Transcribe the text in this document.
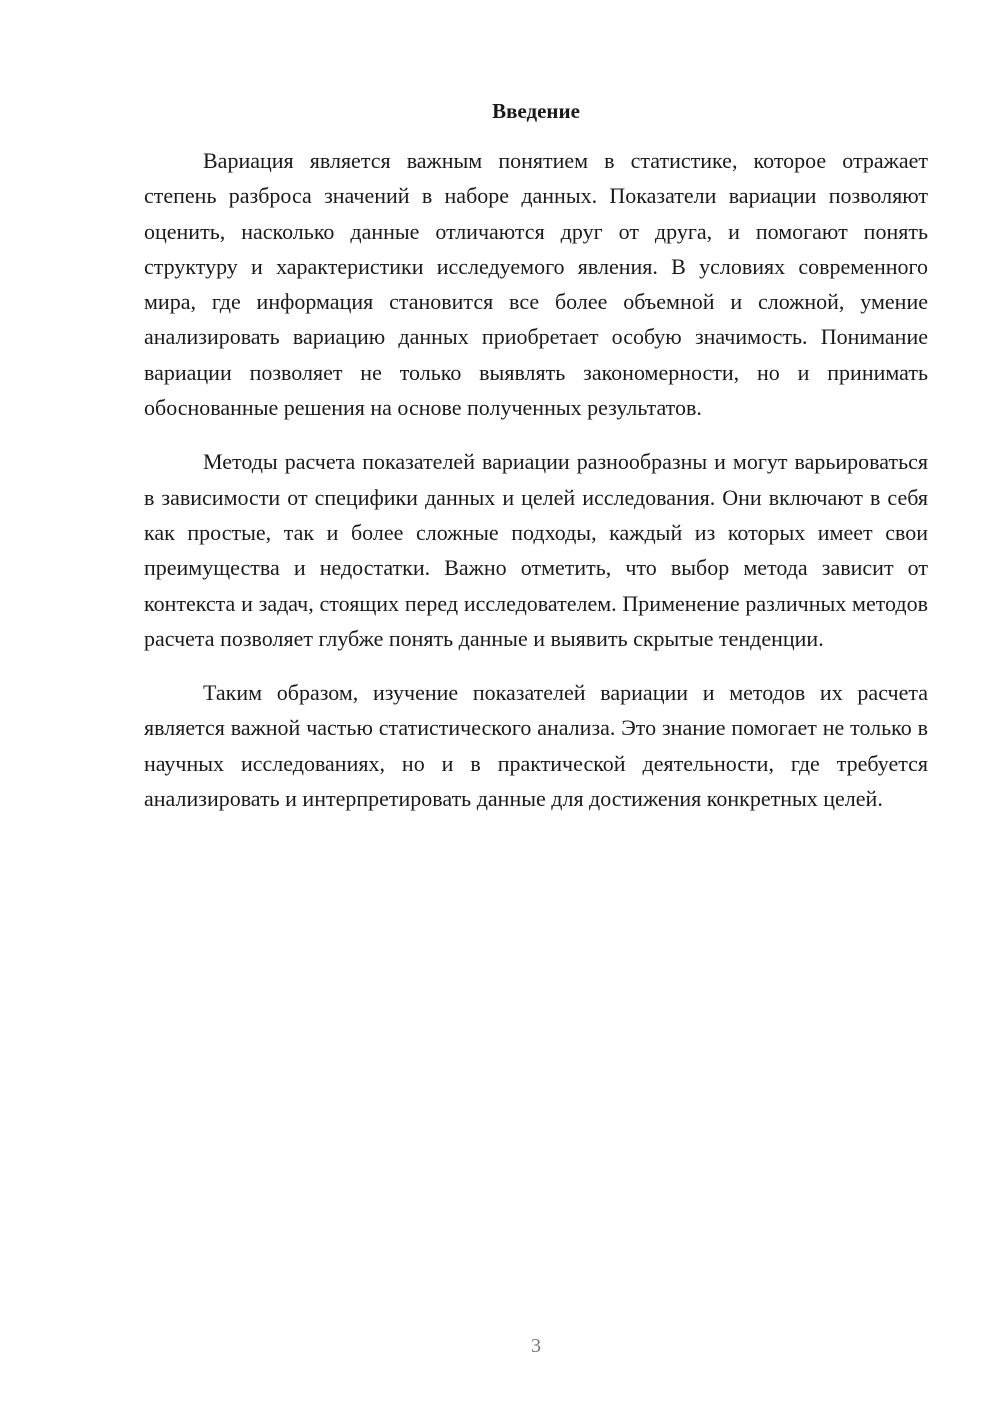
Введение

Вариация является важным понятием в статистике, которое отражает степень разброса значений в наборе данных. Показатели вариации позволяют оценить, насколько данные отличаются друг от друга, и помогают понять структуру и характеристики исследуемого явления. В условиях современного мира, где информация становится все более объемной и сложной, умение анализировать вариацию данных приобретает особую значимость. Понимание вариации позволяет не только выявлять закономерности, но и принимать обоснованные решения на основе полученных результатов.

Методы расчета показателей вариации разнообразны и могут варьироваться в зависимости от специфики данных и целей исследования. Они включают в себя как простые, так и более сложные подходы, каждый из которых имеет свои преимущества и недостатки. Важно отметить, что выбор метода зависит от контекста и задач, стоящих перед исследователем. Применение различных методов расчета позволяет глубже понять данные и выявить скрытые тенденции.

Таким образом, изучение показателей вариации и методов их расчета является важной частью статистического анализа. Это знание помогает не только в научных исследованиях, но и в практической деятельности, где требуется анализировать и интерпретировать данные для достижения конкретных целей.

3
